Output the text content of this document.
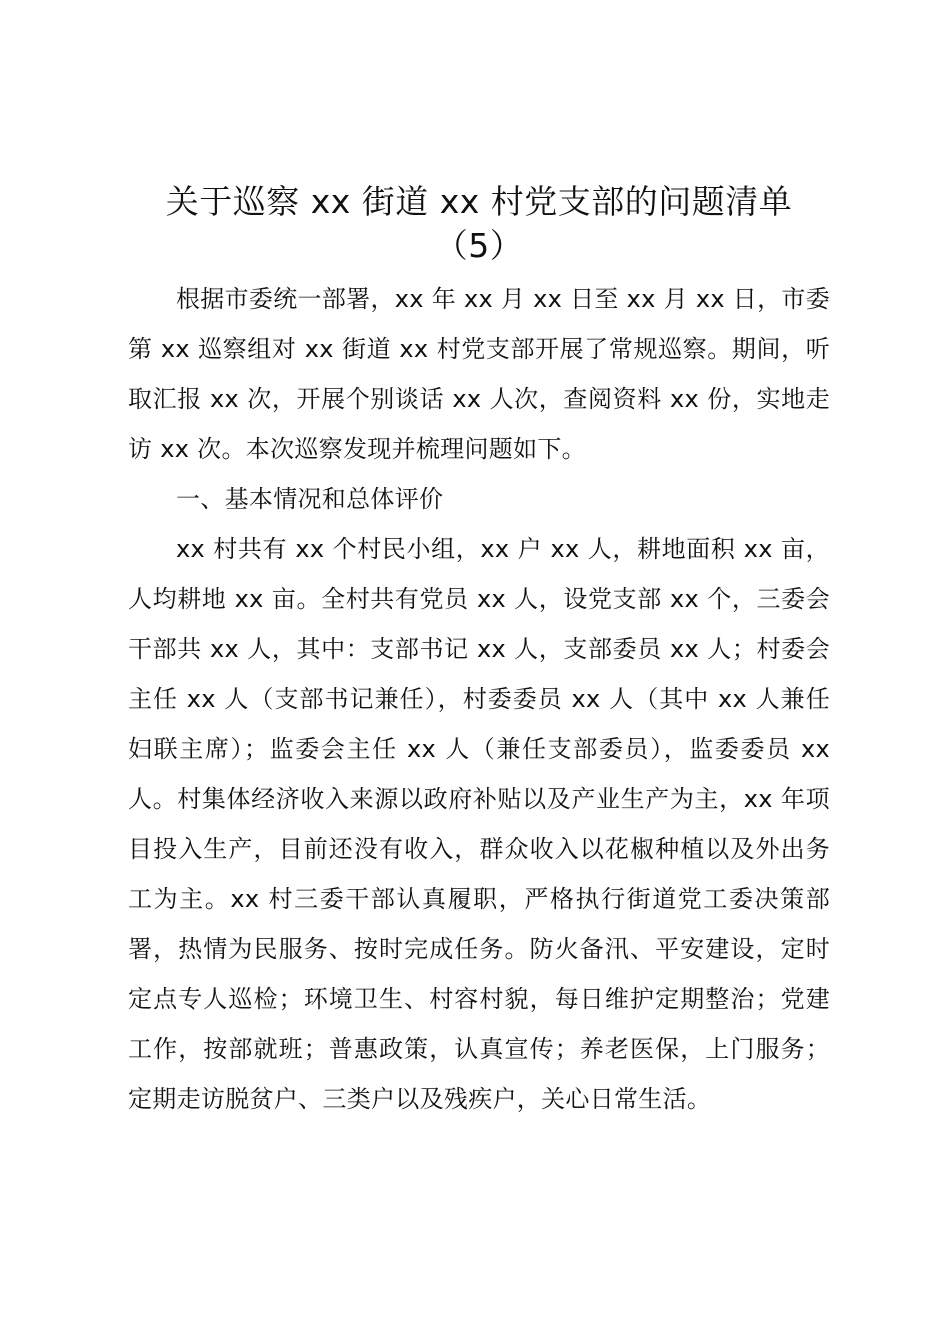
关于巡察 xx 街道 xx 村党支部的问题清单
（5）

根据市委统一部署，xx 年 xx 月 xx 日至 xx 月 xx 日，市委第 xx 巡察组对 xx 街道 xx 村党支部开展了常规巡察。期间，听取汇报 xx 次，开展个别谈话 xx 人次，查阅资料 xx 份，实地走访 xx 次。本次巡察发现并梳理问题如下。

一、基本情况和总体评价

xx 村共有 xx 个村民小组，xx 户 xx 人，耕地面积 xx 亩，人均耕地 xx 亩。全村共有党员 xx 人，设党支部 xx 个，三委会干部共 xx 人，其中：支部书记 xx 人，支部委员 xx 人；村委会主任 xx 人（支部书记兼任），村委委员 xx 人（其中 xx 人兼任妇联主席）；监委会主任 xx 人（兼任支部委员），监委委员 xx 人。村集体经济收入来源以政府补贴以及产业生产为主，xx 年项目投入生产，目前还没有收入，群众收入以花椒种植以及外出务工为主。xx 村三委干部认真履职，严格执行街道党工委决策部署，热情为民服务、按时完成任务。防火备汛、平安建设，定时定点专人巡检；环境卫生、村容村貌，每日维护定期整治；党建工作，按部就班；普惠政策，认真宣传；养老医保，上门服务；定期走访脱贫户、三类户以及残疾户，关心日常生活。
